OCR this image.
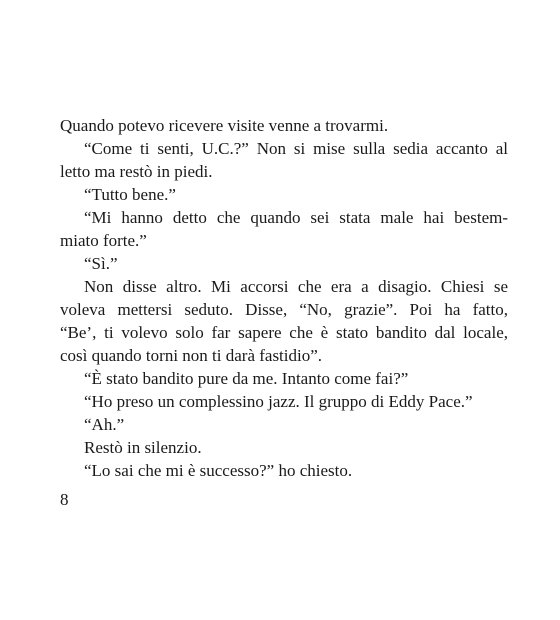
Quando potevo ricevere visite venne a trovarmi.
“Come ti senti, U.C.?” Non si mise sulla sedia accanto al
letto ma restò in piedi.
“Tutto bene.”
“Mi hanno detto che quando sei stata male hai bestem-
miato forte.”
“Sì.”
Non disse altro. Mi accorsi che era a disagio. Chiesi se
voleva mettersi seduto. Disse, “No, grazie”. Poi ha fatto,
“Be’, ti volevo solo far sapere che è stato bandito dal locale,
così quando torni non ti darà fastidio”.
“È stato bandito pure da me. Intanto come fai?”
“Ho preso un complessino jazz. Il gruppo di Eddy Pace.”
“Ah.”
Restò in silenzio.
“Lo sai che mi è successo?” ho chiesto.
8
